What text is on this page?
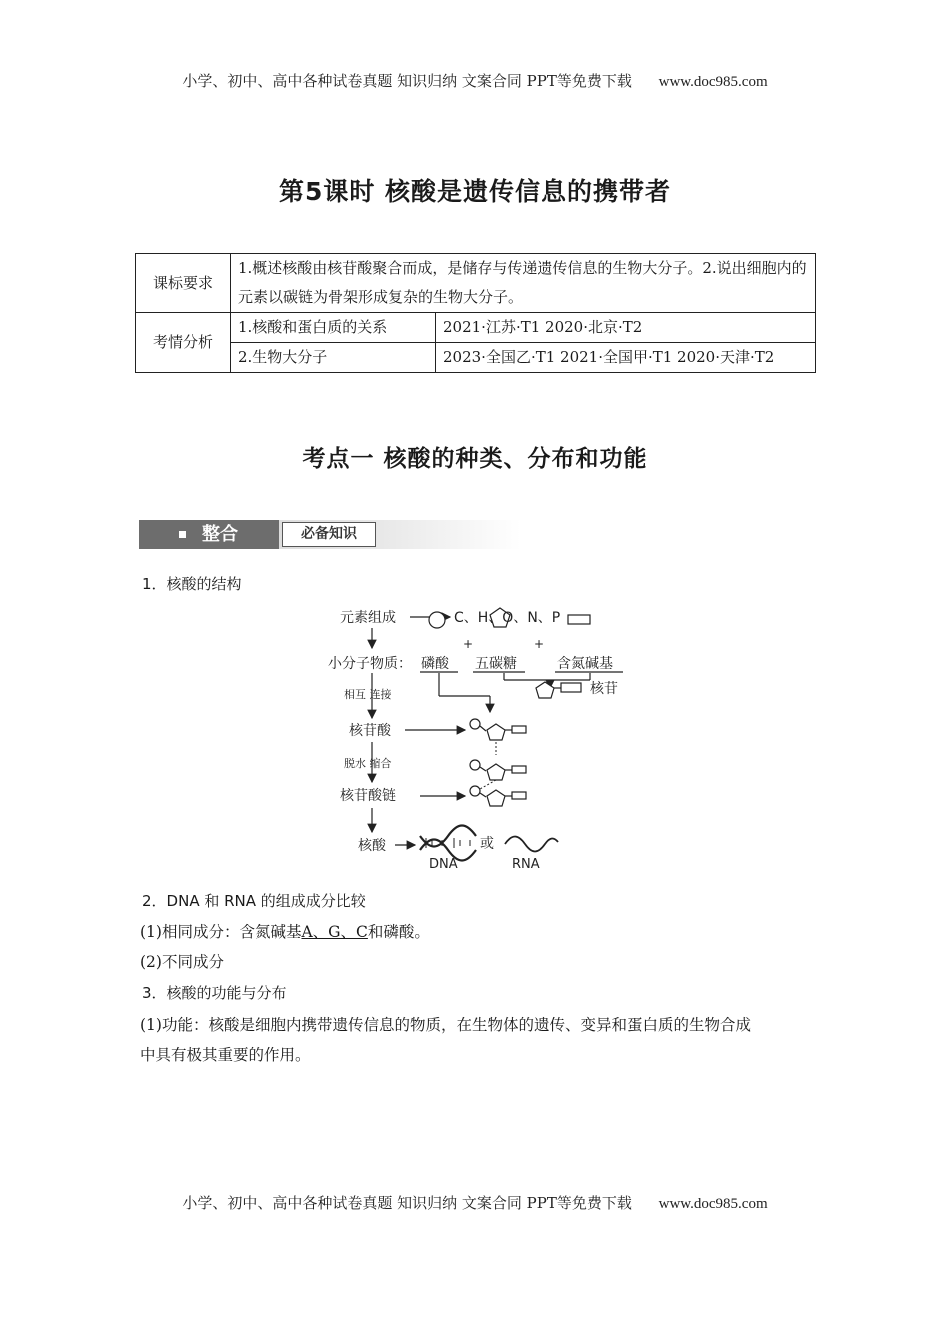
小学、初中、高中各种试卷真题 知识归纳 文案合同 PPT等免费下载 www.doc985.com
第5课时 核酸是遗传信息的携带者
课标要求	1.概述核酸由核苷酸聚合而成，是储存与传递遗传信息的生物大分子。2.说出细胞内的元素以碳链为骨架形成复杂的生物大分子。	
考情分析	1.核酸和蛋白质的关系	2021·江苏·T1 2020·北京·T2
	2.生物大分子	2023·全国乙·T1 2021·全国甲·T1 2020·天津·T2
考点一 核酸的种类、分布和功能
整合	必备知识
1．核酸的结构
元素组成	C、H、O、N、P
小分子物质： 磷酸 五碳糖	含氮碱基
核苷
+	+
相互 连接
核苷酸
脱水 缩合
核苷酸链
核酸	或
DNA	RNA
2．DNA 和 RNA 的组成成分比较
(1)相同成分：含氮碱基A、G、C和磷酸。
(2)不同成分
3．核酸的功能与分布
(1)功能：核酸是细胞内携带遗传信息的物质，在生物体的遗传、变异和蛋白质的生物合成
中具有极其重要的作用。
小学、初中、高中各种试卷真题 知识归纳 文案合同 PPT等免费下载 www.doc985.com
